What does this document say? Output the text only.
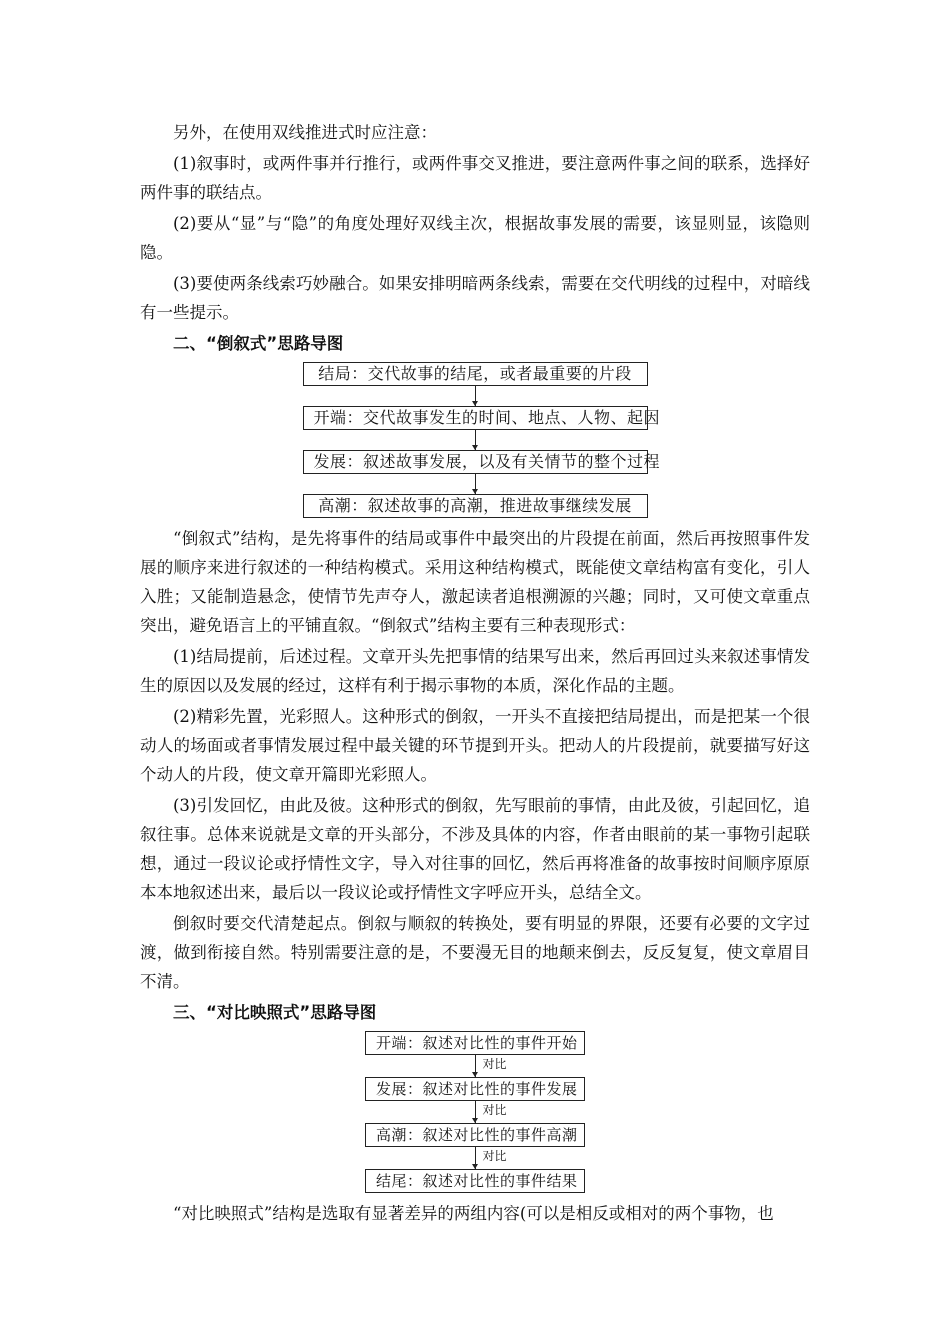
另外，在使用双线推进式时应注意：

(1)叙事时，或两件事并行推行，或两件事交叉推进，要注意两件事之间的联系，选择好两件事的联结点。

(2)要从“显”与“隐”的角度处理好双线主次，根据故事发展的需要，该显则显，该隐则隐。

(3)要使两条线索巧妙融合。如果安排明暗两条线索，需要在交代明线的过程中，对暗线有一些提示。

二、“倒叙式”思路导图
结局：交代故事的结尾，或者最重要的片段
开端：交代故事发生的时间、地点、人物、起因
发展：叙述故事发展，以及有关情节的整个过程
高潮：叙述故事的高潮，推进故事继续发展

“倒叙式”结构，是先将事件的结局或事件中最突出的片段提在前面，然后再按照事件发展的顺序来进行叙述的一种结构模式。采用这种结构模式，既能使文章结构富有变化，引人入胜；又能制造悬念，使情节先声夺人，激起读者追根溯源的兴趣；同时，又可使文章重点突出，避免语言上的平铺直叙。“倒叙式”结构主要有三种表现形式：

(1)结局提前，后述过程。文章开头先把事情的结果写出来，然后再回过头来叙述事情发生的原因以及发展的经过，这样有利于揭示事物的本质，深化作品的主题。

(2)精彩先置，光彩照人。这种形式的倒叙，一开头不直接把结局提出，而是把某一个很动人的场面或者事情发展过程中最关键的环节提到开头。把动人的片段提前，就要描写好这个动人的片段，使文章开篇即光彩照人。

(3)引发回忆，由此及彼。这种形式的倒叙，先写眼前的事情，由此及彼，引起回忆，追叙往事。总体来说就是文章的开头部分，不涉及具体的内容，作者由眼前的某一事物引起联想，通过一段议论或抒情性文字，导入对往事的回忆，然后再将准备的故事按时间顺序原原本本地叙述出来，最后以一段议论或抒情性文字呼应开头，总结全文。

倒叙时要交代清楚起点。倒叙与顺叙的转换处，要有明显的界限，还要有必要的文字过渡，做到衔接自然。特别需要注意的是，不要漫无目的地颠来倒去，反反复复，使文章眉目不清。

三、“对比映照式”思路导图
开端：叙述对比性的事件开始
对比
发展：叙述对比性的事件发展
对比
高潮：叙述对比性的事件高潮
对比
结尾：叙述对比性的事件结果

“对比映照式”结构是选取有显著差异的两组内容(可以是相反或相对的两个事物，也
